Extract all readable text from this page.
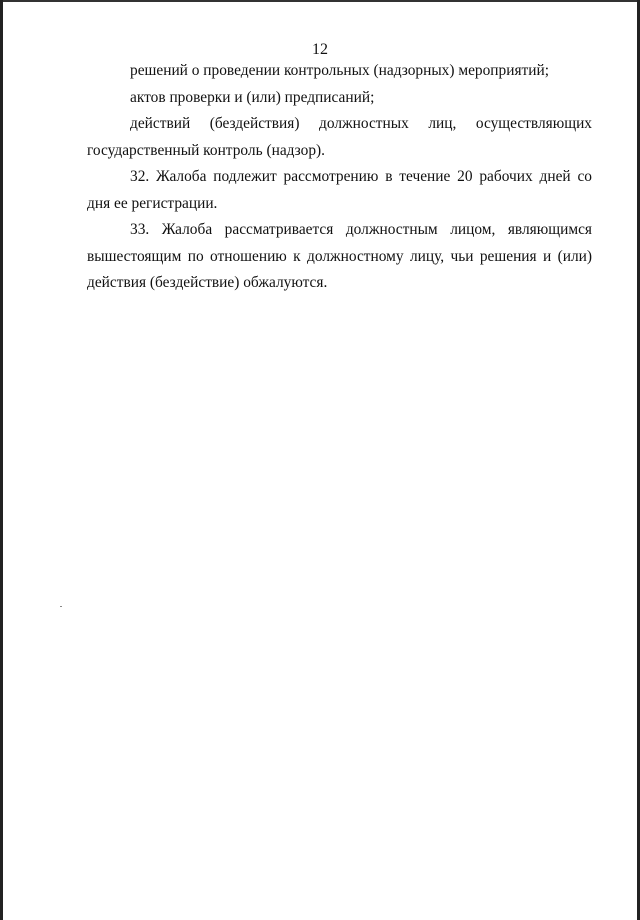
12

решений о проведении контрольных (надзорных) мероприятий;

актов проверки и (или) предписаний;

действий (бездействия) должностных лиц, осуществляющих государственный контроль (надзор).

32. Жалоба подлежит рассмотрению в течение 20 рабочих дней со дня ее регистрации.

33. Жалоба рассматривается должностным лицом, являющимся вышестоящим по отношению к должностному лицу, чьи решения и (или) действия (бездействие) обжалуются.
